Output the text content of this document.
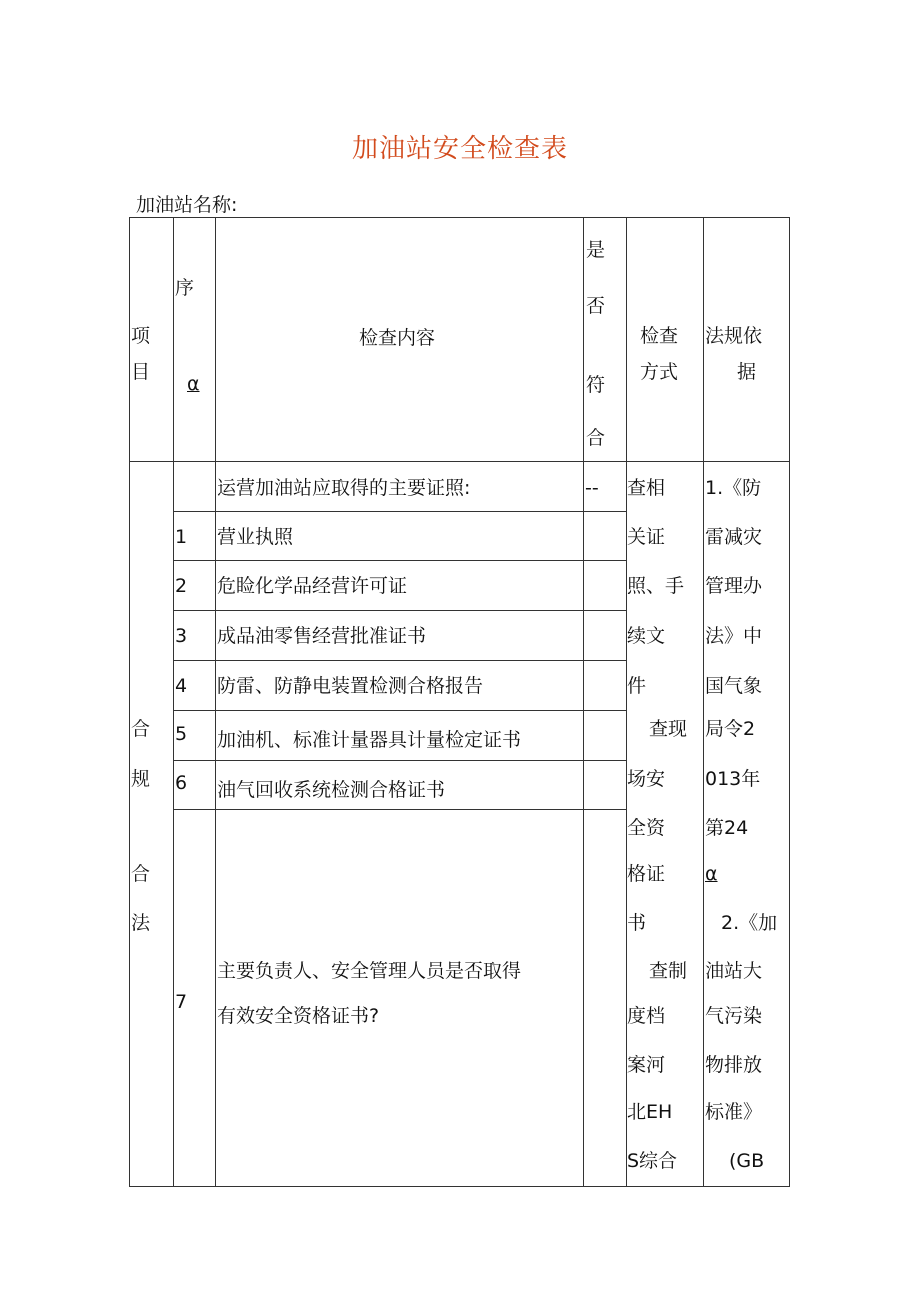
加油站安全检查表
加油站名称:
项
目
序
α
检查内容
是
否
符
合
检查
方式
法规依
据
合
规
合
法
1
2
3
4
5
6
7
运营加油站应取得的主要证照:
营业执照
危睑化学品经营许可证
成品油零售经营批准证书
防雷、防静电装置检测合格报告
加油机、标准计量器具计量检定证书
油气回收系统检测合格证书
主要负责人、安全管理人员是否取得
有效安全资格证书?
-- 查相
关证
照、手
续文
件
查现
场安
全资
格证
书
查制
度档
案河
北EH
S综合
1.《防
雷减灾
管理办
法》中
国气象
局令2
013年
第24
α
2.《加
油站大
气污染
物排放
标准》
(GB
